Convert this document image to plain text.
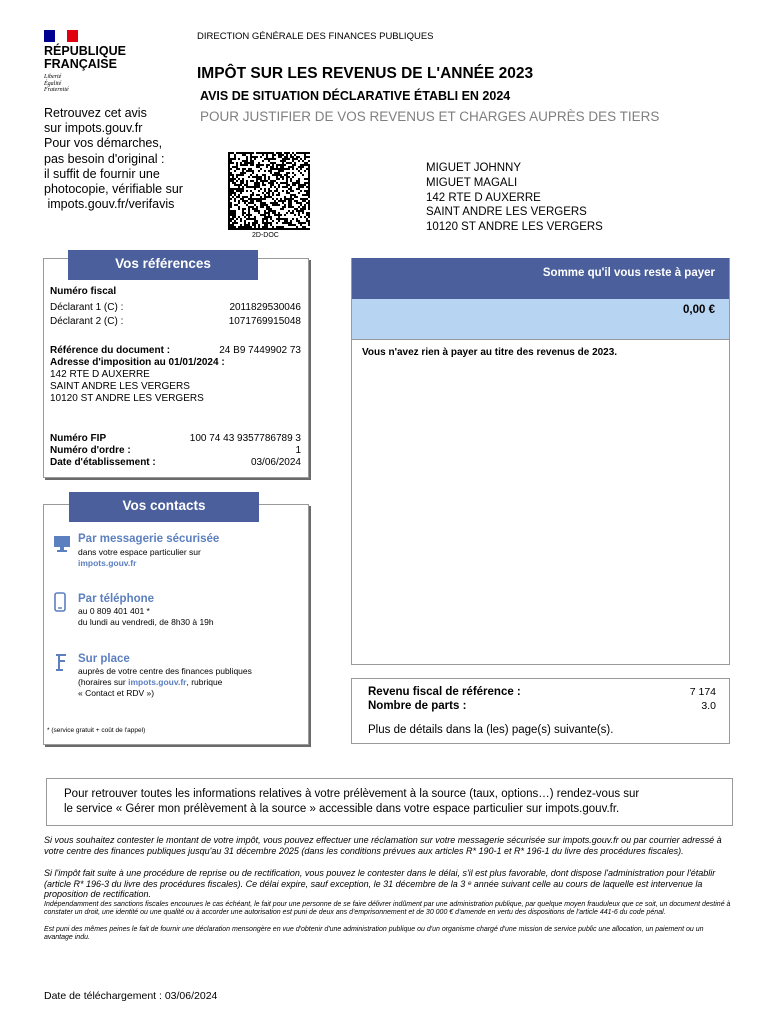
RÉPUBLIQUE
FRANÇAISE
Liberté
Égalité
Fraternité
DIRECTION GÉNÉRALE DES FINANCES PUBLIQUES
IMPÔT SUR LES REVENUS DE L'ANNÉE 2023
AVIS DE SITUATION DÉCLARATIVE ÉTABLI EN 2024
POUR JUSTIFIER DE VOS REVENUS ET CHARGES AUPRÈS DES TIERS
Retrouvez cet avis
sur impots.gouv.fr
Pour vos démarches,
pas besoin d'original :
il suffit de fournir une
photocopie, vérifiable sur
impots.gouv.fr/verifavis
2D-DOC
MIGUET JOHNNY
MIGUET MAGALI
142 RTE D AUXERRE
SAINT ANDRE LES VERGERS
10120 ST ANDRE LES VERGERS
Vos références
Numéro fiscal
Déclarant 1 (C) :	2011829530046
Déclarant 2 (C) :	1071769915048
Référence du document :	24 B9 7449902 73
Adresse d'imposition au 01/01/2024 :
142 RTE D AUXERRE
SAINT ANDRE LES VERGERS
10120 ST ANDRE LES VERGERS
Numéro FIP	100 74 43 9357786789 3
Numéro d'ordre :	1
Date d'établissement :	03/06/2024
Vos contacts
Par messagerie sécurisée
dans votre espace particulier sur
impots.gouv.fr
Par téléphone
au 0 809 401 401 *
du lundi au vendredi, de 8h30 à 19h
Sur place
auprès de votre centre des finances publiques
(horaires sur impots.gouv.fr, rubrique
« Contact et RDV »)
* (service gratuit + coût de l'appel)
Somme qu'il vous reste à payer
0,00 €
Vous n'avez rien à payer au titre des revenus de 2023.
Revenu fiscal de référence :	7 174
Nombre de parts :	3.0
Plus de détails dans la (les) page(s) suivante(s).
Pour retrouver toutes les informations relatives à votre prélèvement à la source (taux, options…) rendez-vous sur
le service « Gérer mon prélèvement à la source » accessible dans votre espace particulier sur impots.gouv.fr.
Si vous souhaitez contester le montant de votre impôt, vous pouvez effectuer une réclamation sur votre messagerie sécurisée sur impots.gouv.fr ou par courrier adressé à votre centre des finances publiques jusqu'au 31 décembre 2025 (dans les conditions prévues aux articles R* 190-1 et R* 196-1 du livre des procédures fiscales).
Si l'impôt fait suite à une procédure de reprise ou de rectification, vous pouvez le contester dans le délai, s'il est plus favorable, dont dispose l'administration pour l'établir (article R* 196-3 du livre des procédures fiscales). Ce délai expire, sauf exception, le 31 décembre de la 3 ᵉ année suivant celle au cours de laquelle est intervenue la proposition de rectification.
Indépendamment des sanctions fiscales encourues le cas échéant, le fait pour une personne de se faire délivrer indûment par une administration publique, par quelque moyen frauduleux que ce soit, un document destiné à constater un droit, une identité ou une qualité ou à accorder une autorisation est puni de deux ans d'emprisonnement et de 30 000 € d'amende en vertu des dispositions de l'article 441-6 du code pénal.
Est puni des mêmes peines le fait de fournir une déclaration mensongère en vue d'obtenir d'une administration publique ou d'un organisme chargé d'une mission de service public une allocation, un paiement ou un avantage indu.
Date de téléchargement : 03/06/2024
